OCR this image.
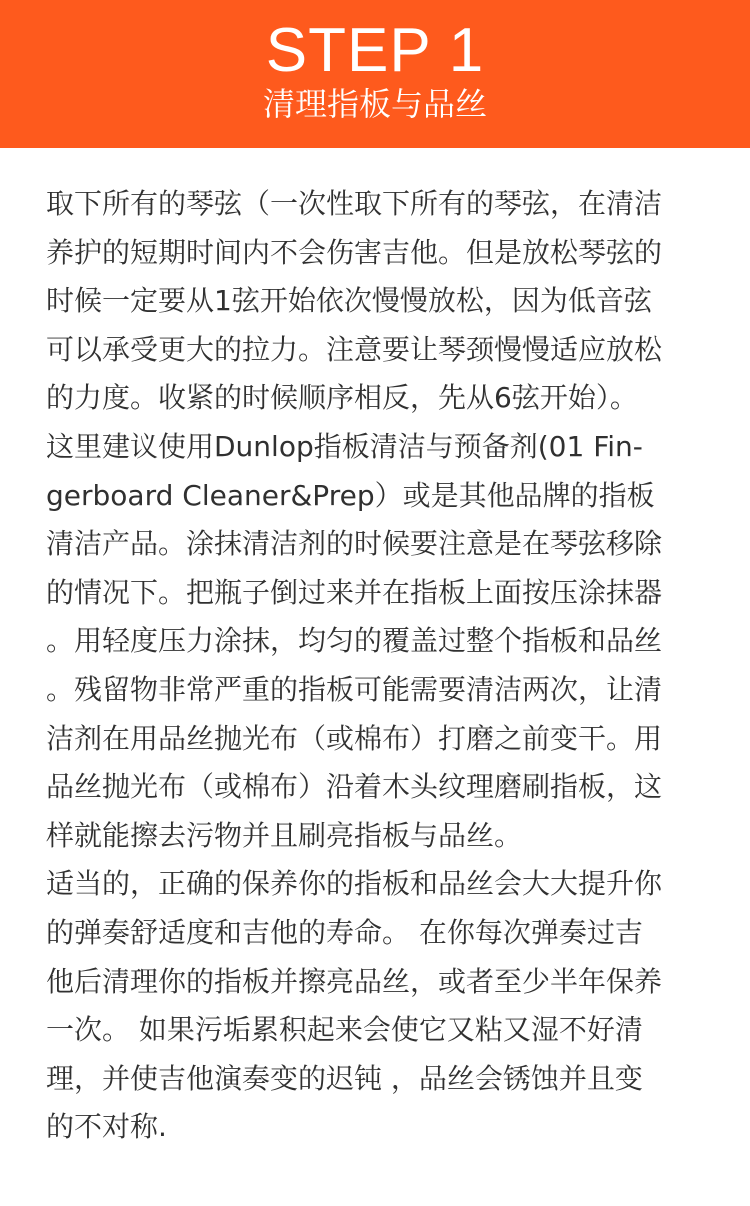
STEP 1
清理指板与品丝
取下所有的琴弦（一次性取下所有的琴弦，在清洁
养护的短期时间内不会伤害吉他。但是放松琴弦的
时候一定要从1弦开始依次慢慢放松，因为低音弦
可以承受更大的拉力。注意要让琴颈慢慢适应放松
的力度。收紧的时候顺序相反，先从6弦开始）。
这里建议使用Dunlop指板清洁与预备剂(01 Fin-
gerboard Cleaner&Prep）或是其他品牌的指板
清洁产品。涂抹清洁剂的时候要注意是在琴弦移除
的情况下。把瓶子倒过来并在指板上面按压涂抹器
。用轻度压力涂抹，均匀的覆盖过整个指板和品丝
。残留物非常严重的指板可能需要清洁两次，让清
洁剂在用品丝抛光布（或棉布）打磨之前变干。用
品丝抛光布（或棉布）沿着木头纹理磨刷指板，这
样就能擦去污物并且刷亮指板与品丝。
适当的，正确的保养你的指板和品丝会大大提升你
的弹奏舒适度和吉他的寿命。 在你每次弹奏过吉
他后清理你的指板并擦亮品丝，或者至少半年保养
一次。 如果污垢累积起来会使它又粘又湿不好清
理，并使吉他演奏变的迟钝 ，品丝会锈蚀并且变
的不对称.
